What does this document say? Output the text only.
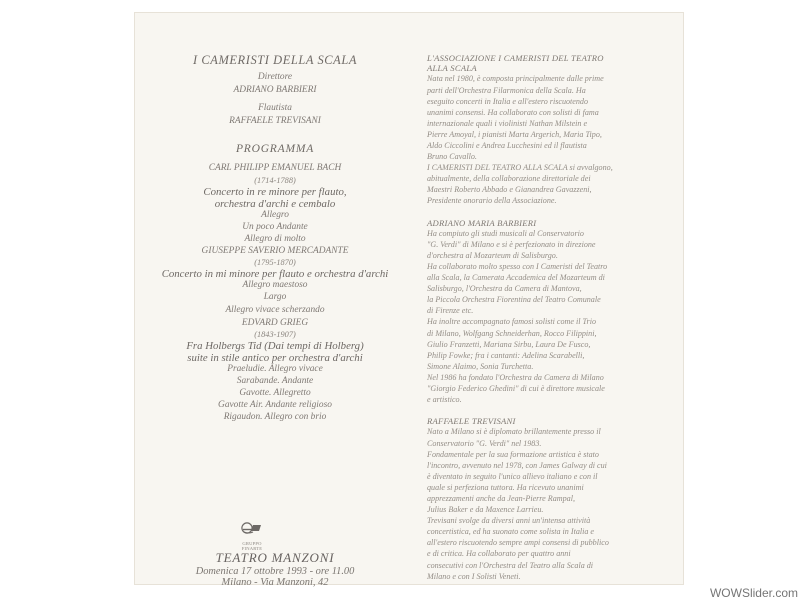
I CAMERISTI DELLA SCALA
Direttore
ADRIANO BARBIERI
Flautista
RAFFAELE TREVISANI
PROGRAMMA
CARL PHILIPP EMANUEL BACH
(1714-1788)
Concerto in re minore per flauto,
orchestra d'archi e cembalo
Allegro
Un poco Andante
Allegro di molto
GIUSEPPE SAVERIO MERCADANTE
(1795-1870)
Concerto in mi minore per flauto e orchestra d'archi
Allegro maestoso
Largo
Allegro vivace scherzando
EDVARD GRIEG
(1843-1907)
Fra Holbergs Tid (Dai tempi di Holberg)
suite in stile antico per orchestra d'archi
Praeludie. Allegro vivace
Sarabande. Andante
Gavotte. Allegretto
Gavotte Air. Andante religioso
Rigaudon. Allegro con brio
GRUPPO FINARTE
TEATRO MANZONI
Domenica 17 ottobre 1993 - ore 11.00
Milano - Via Manzoni, 42
L'ASSOCIAZIONE I CAMERISTI DEL TEATRO
ALLA SCALA
Nata nel 1980, è composta principalmente dalle prime
parti dell'Orchestra Filarmonica della Scala. Ha
eseguito concerti in Italia e all'estero riscuotendo
unanimi consensi. Ha collaborato con solisti di fama
internazionale quali i violinisti Nathan Milstein e
Pierre Amoyal, i pianisti Marta Argerich, Maria Tipo,
Aldo Ciccolini e Andrea Lucchesini ed il flautista
Bruno Cavallo.
I CAMERISTI DEL TEATRO ALLA SCALA si avvalgono,
abitualmente, della collaborazione direttoriale dei
Maestri Roberto Abbado e Gianandrea Gavazzeni,
Presidente onorario della Associazione.
ADRIANO MARIA BARBIERI
Ha compiuto gli studi musicali al Conservatorio
"G. Verdi" di Milano e si è perfezionato in direzione
d'orchestra al Mozarteum di Salisburgo.
Ha collaborato molto spesso con I Cameristi del Teatro
alla Scala, la Camerata Accademica del Mozarteum di
Salisburgo, l'Orchestra da Camera di Mantova,
la Piccola Orchestra Fiorentina del Teatro Comunale
di Firenze etc.
Ha inoltre accompagnato famosi solisti come il Trio
di Milano, Wolfgang Schneiderhan, Rocco Filippini,
Giulio Franzetti, Mariana Sirbu, Laura De Fusco,
Philip Fowke; fra i cantanti: Adelina Scarabelli,
Simone Alaimo, Sonia Turchetta.
Nel 1986 ha fondato l'Orchestra da Camera di Milano
"Giorgio Federico Ghedini" di cui è direttore musicale
e artistico.
RAFFAELE TREVISANI
Nato a Milano si è diplomato brillantemente presso il
Conservatorio "G. Verdi" nel 1983.
Fondamentale per la sua formazione artistica è stato
l'incontro, avvenuto nel 1978, con James Galway di cui
è diventato in seguito l'unico allievo italiano e con il
quale si perfeziona tuttora. Ha ricevuto unanimi
apprezzamenti anche da Jean-Pierre Rampal,
Julius Baker e da Maxence Larrieu.
Trevisani svolge da diversi anni un'intensa attività
concertistica, ed ha suonato come solista in Italia e
all'estero riscuotendo sempre ampi consensi di pubblico
e di critica. Ha collaborato per quattro anni
consecutivi con l'Orchestra del Teatro alla Scala di
Milano e con I Solisti Veneti.
WOWSlider.com
